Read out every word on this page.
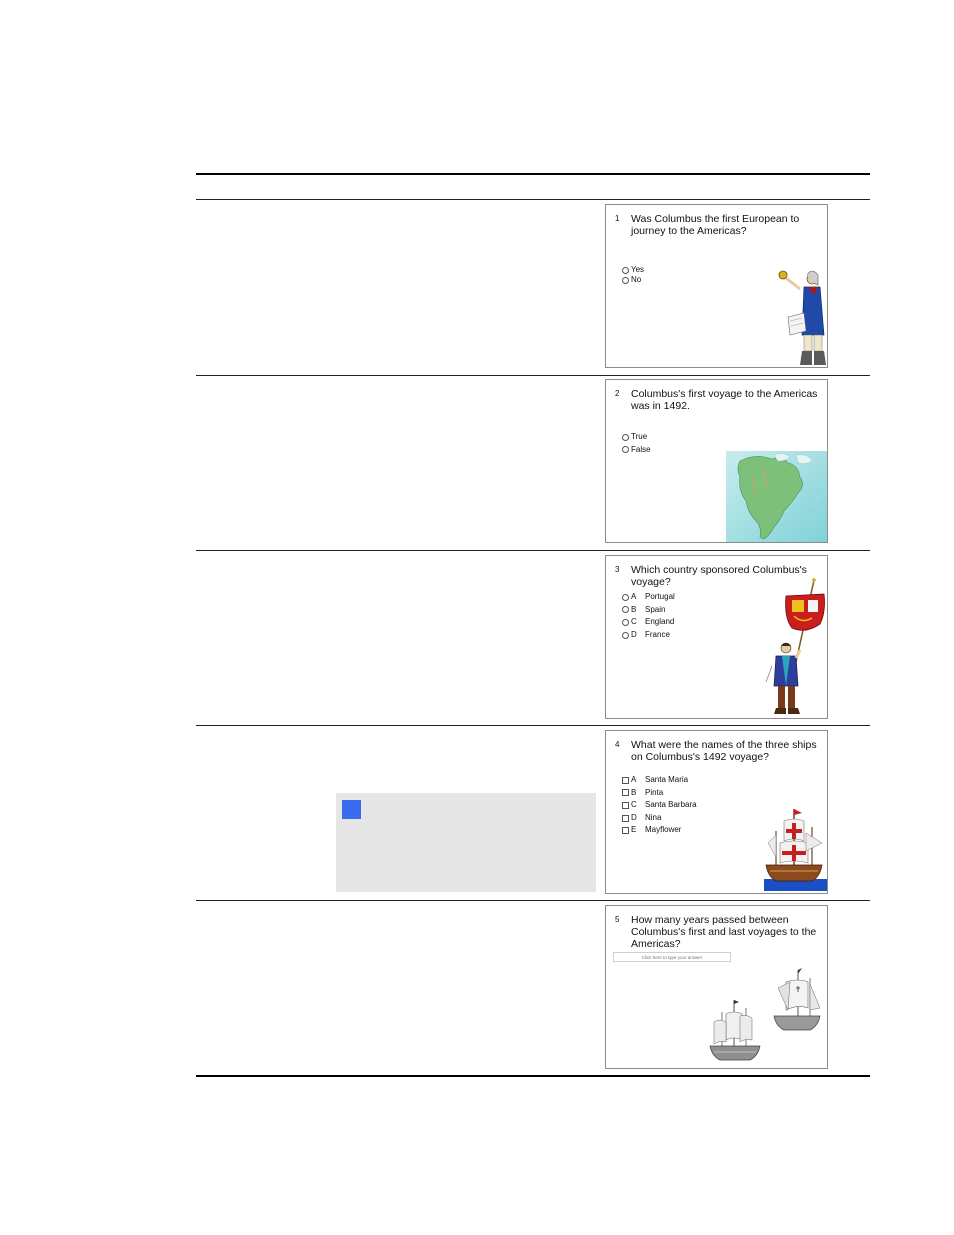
1 Was Columbus the first European to journey to the Americas?
Yes
No
2 Columbus's first voyage to the Americas was in 1492.
True
False
3 Which country sponsored Columbus's voyage?
A	Portugal
B	Spain
C	England
D	France
4 What were the names of the three ships on Columbus's 1492 voyage?
A	Santa Maria
B	Pinta
C	Santa Barbara
D	Nina
E	Mayflower
5 How many years passed between Columbus's first and last voyages to the Americas?
Click here to type your answer
